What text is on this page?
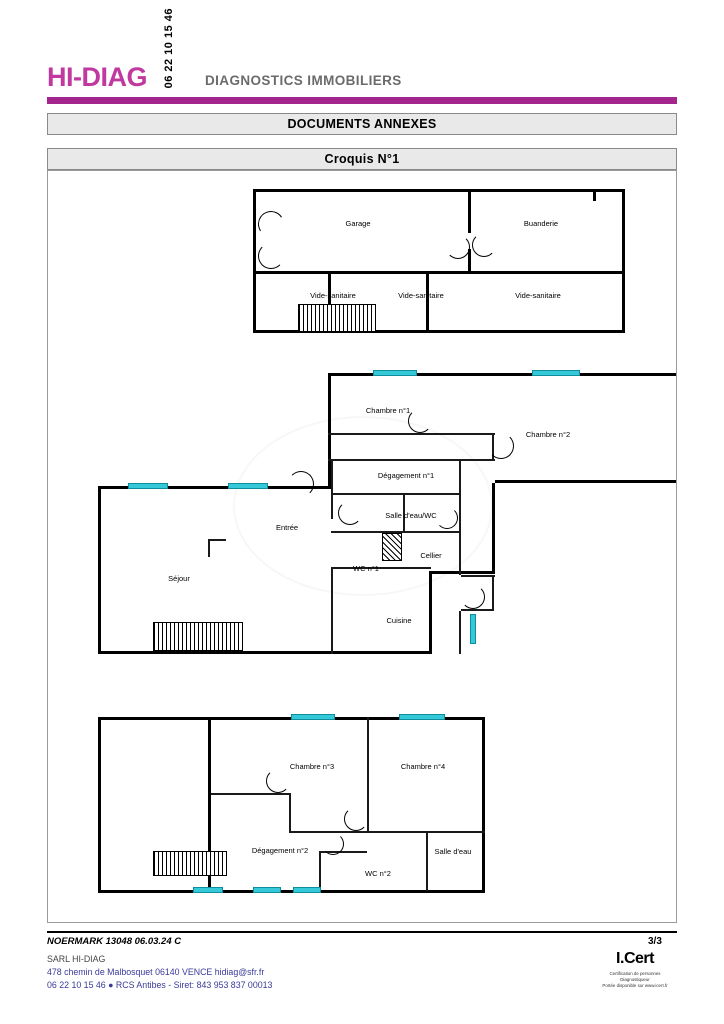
HI-DIAG 06 22 10 15 46 DIAGNOSTICS IMMOBILIERS
DOCUMENTS ANNEXES
Croquis N°1
Garage	Buanderie
Vide-sanitaire	Vide-sanitaire	Vide-sanitaire
Chambre n°1
Chambre n°2
Dégagement n°1
Entrée
Salle d'eau/WC
WC n°1
Cellier
Séjour
Cuisine
Chambre n°3	Chambre n°4
Dégagement n°2	Salle d'eau
WC n°2
NOERMARK 13048 06.03.24 C	3/3
SARL HI-DIAG
478 chemin de Malbosquet 06140 VENCE hidiag@sfr.fr
06 22 10 15 46 ● RCS Antibes - Siret: 843 953 837 00013
I.Cert
Certification de personnes
Diagnostiqueur
Portée disponible sur www.icert.fr
